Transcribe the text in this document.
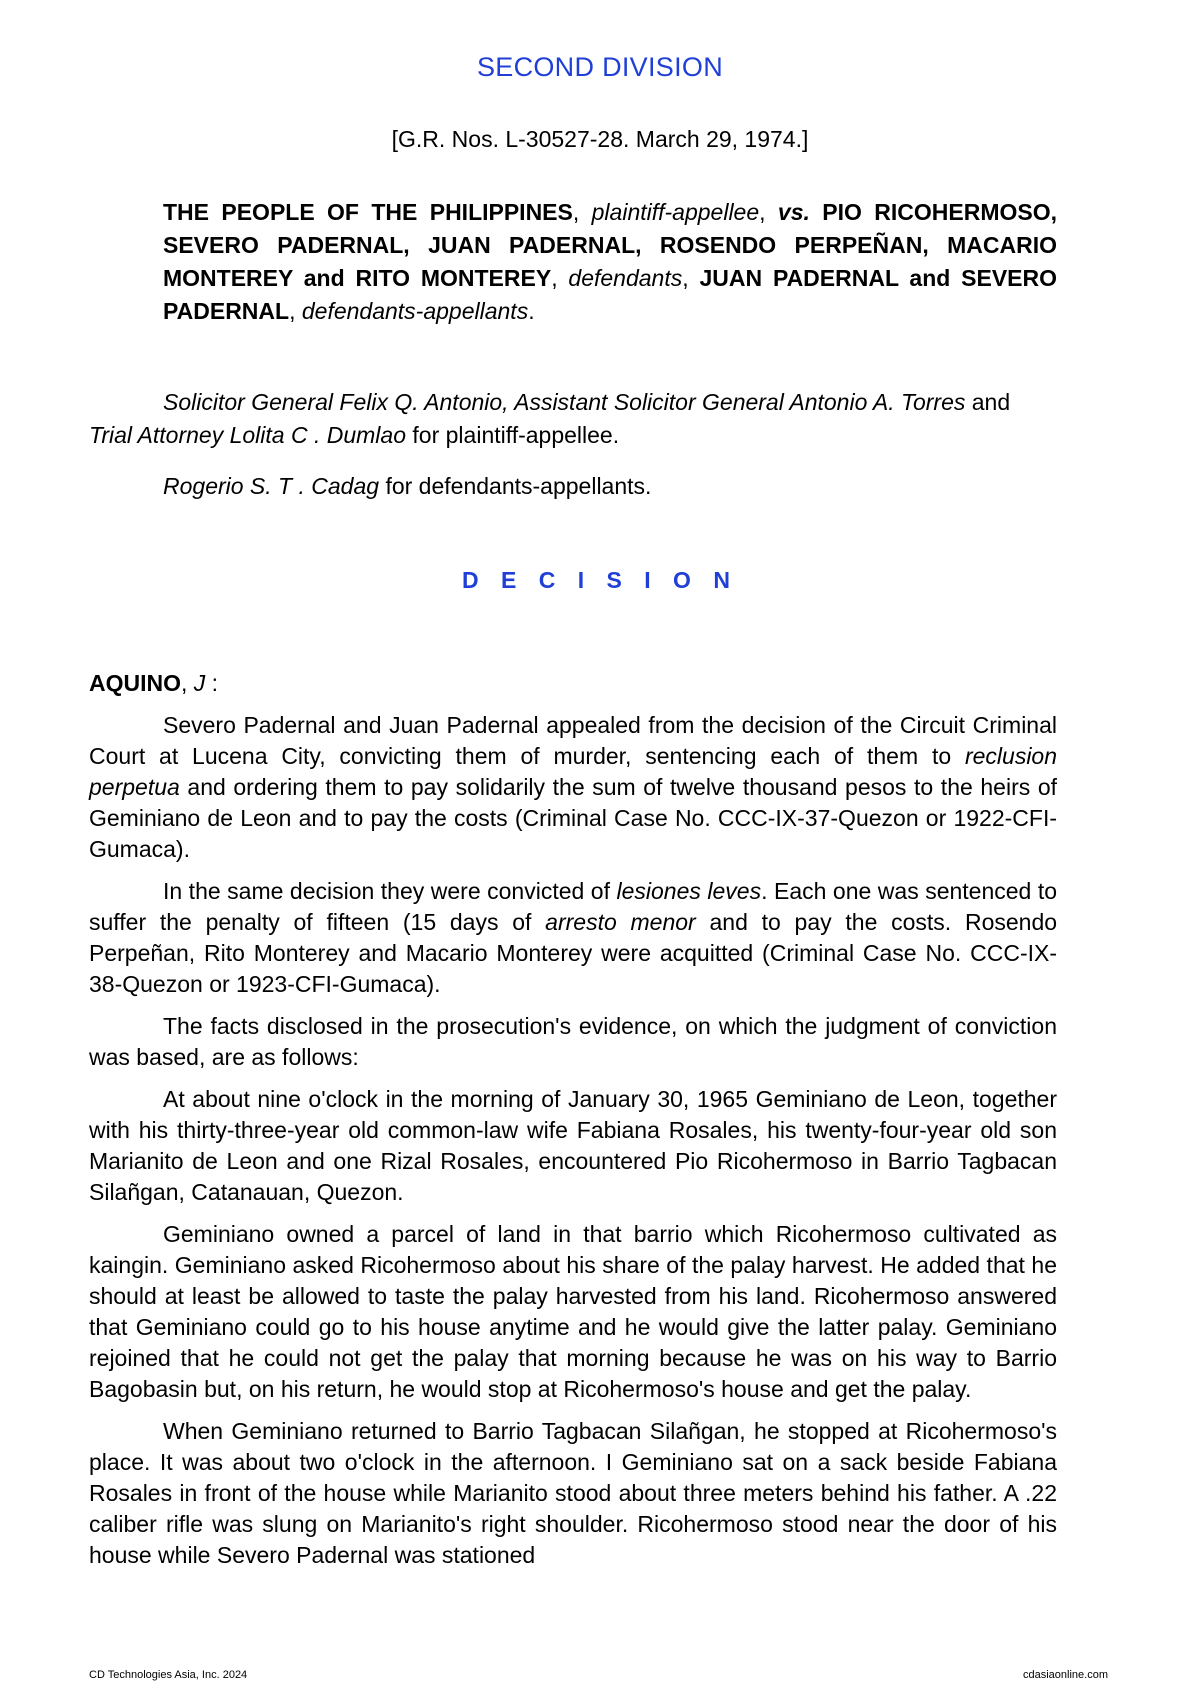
SECOND DIVISION
[G.R. Nos. L-30527-28. March 29, 1974.]
THE PEOPLE OF THE PHILIPPINES, plaintiff-appellee, vs. PIO RICOHERMOSO, SEVERO PADERNAL, JUAN PADERNAL, ROSENDO PERPEÑAN, MACARIO MONTEREY and RITO MONTEREY, defendants, JUAN PADERNAL and SEVERO PADERNAL, defendants-appellants.
Solicitor General Felix Q. Antonio, Assistant Solicitor General Antonio A. Torres and Trial Attorney Lolita C . Dumlao for plaintiff-appellee.
Rogerio S. T . Cadag for defendants-appellants.
D E C I S I O N
AQUINO, J :

Severo Padernal and Juan Padernal appealed from the decision of the Circuit Criminal Court at Lucena City, convicting them of murder, sentencing each of them to reclusion perpetua and ordering them to pay solidarily the sum of twelve thousand pesos to the heirs of Geminiano de Leon and to pay the costs (Criminal Case No. CCC-IX-37-Quezon or 1922-CFI-Gumaca).

In the same decision they were convicted of lesiones leves. Each one was sentenced to suffer the penalty of fifteen (15 days of arresto menor and to pay the costs. Rosendo Perpeñan, Rito Monterey and Macario Monterey were acquitted (Criminal Case No. CCC-IX-38-Quezon or 1923-CFI-Gumaca).

The facts disclosed in the prosecution's evidence, on which the judgment of conviction was based, are as follows:

At about nine o'clock in the morning of January 30, 1965 Geminiano de Leon, together with his thirty-three-year old common-law wife Fabiana Rosales, his twenty-four-year old son Marianito de Leon and one Rizal Rosales, encountered Pio Ricohermoso in Barrio Tagbacan Silañgan, Catanauan, Quezon.

Geminiano owned a parcel of land in that barrio which Ricohermoso cultivated as kaingin. Geminiano asked Ricohermoso about his share of the palay harvest. He added that he should at least be allowed to taste the palay harvested from his land. Ricohermoso answered that Geminiano could go to his house anytime and he would give the latter palay. Geminiano rejoined that he could not get the palay that morning because he was on his way to Barrio Bagobasin but, on his return, he would stop at Ricohermoso's house and get the palay.

When Geminiano returned to Barrio Tagbacan Silañgan, he stopped at Ricohermoso's place. It was about two o'clock in the afternoon. I Geminiano sat on a sack beside Fabiana Rosales in front of the house while Marianito stood about three meters behind his father. A .22 caliber rifle was slung on Marianito's right shoulder. Ricohermoso stood near the door of his house while Severo Padernal was stationed

CD Technologies Asia, Inc. 2024	cdasiaonline.com
